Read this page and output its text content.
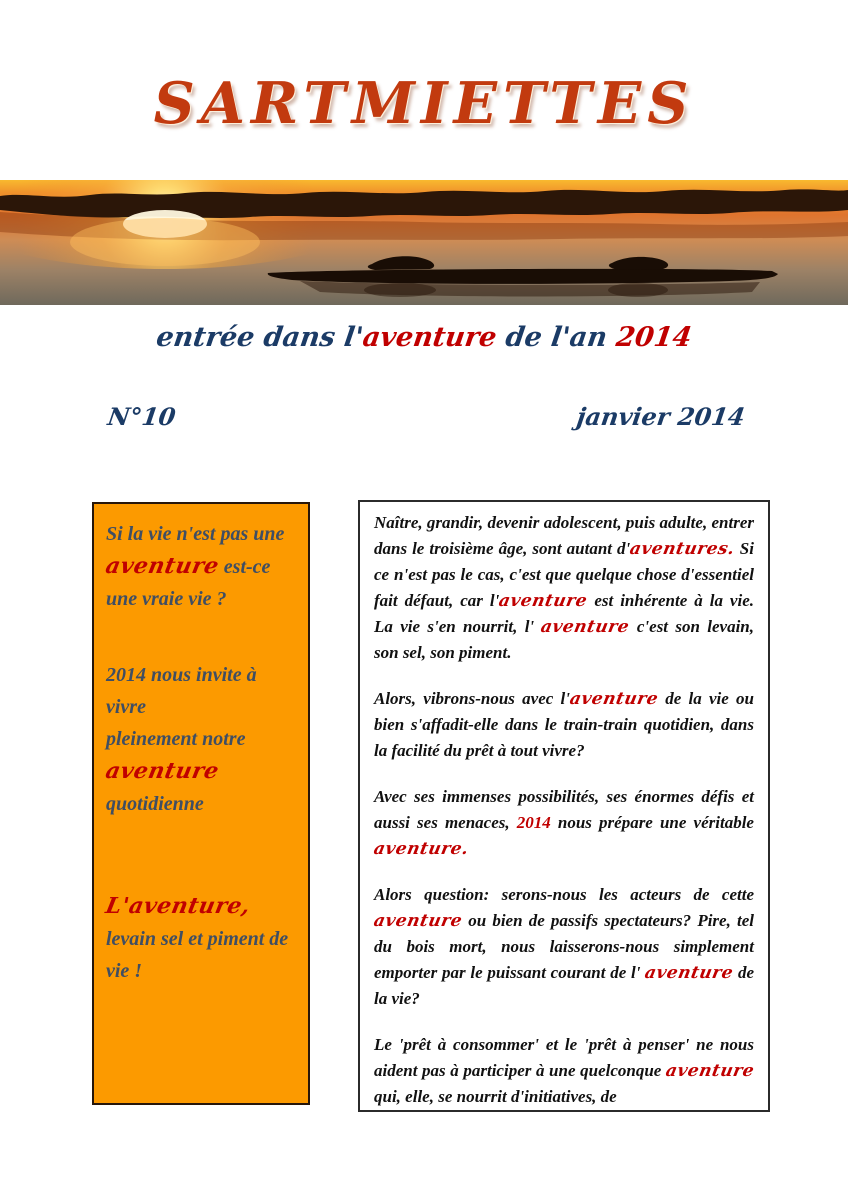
SARTMIETTES
entrée dans l'aventure de l'an 2014
N°10	janvier 2014
Si la vie n'est pas une aventure est-ce une vraie vie ?
2014 nous invite à
vivre
pleinement notre
aventure
quotidienne
L'aventure, levain sel et piment de vie !

Naître, grandir, devenir adolescent, puis adulte, entrer dans le troisième âge, sont autant d'aventures. Si ce n'est pas le cas, c'est que quelque chose d'essentiel fait défaut, car l'aventure est inhérente à la vie. La vie s'en nourrit, l' aventure c'est son levain, son sel, son piment.

Alors, vibrons-nous avec l'aventure de la vie ou bien s'affadit-elle dans le train-train quotidien, dans la facilité du prêt à tout vivre?

Avec ses immenses possibilités, ses énormes défis et aussi ses menaces, 2014 nous prépare une véritable aventure.

Alors question: serons-nous les acteurs de cette aventure ou bien de passifs spectateurs? Pire, tel du bois mort, nous laisserons-nous simplement emporter par le puissant courant de l' aventure de la vie?

Le 'prêt à consommer' et le 'prêt à penser' ne nous aident pas à participer à une quelconque aventure qui, elle, se nourrit d'initiatives, de
